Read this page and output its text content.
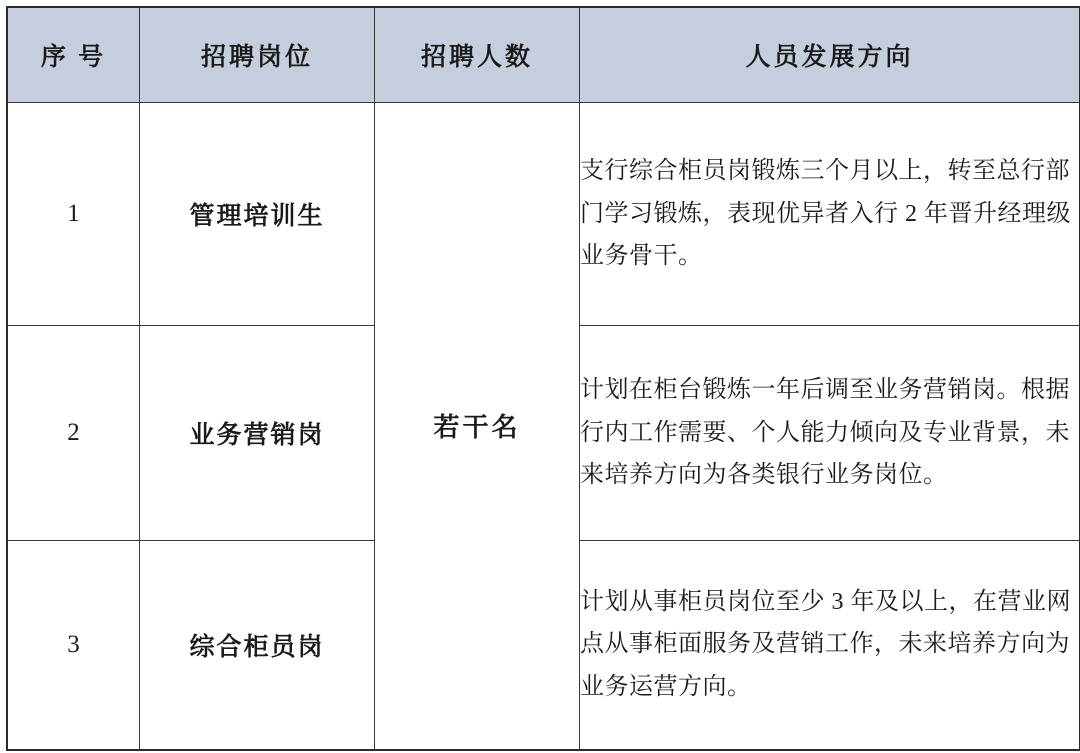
序 号	招聘岗位	招聘人数	人员发展方向
1	管理培训生	若干名	支行综合柜员岗锻炼三个月以上，转至总行部门学习锻炼，表现优异者入行 2 年晋升经理级业务骨干。
2	业务营销岗		计划在柜台锻炼一年后调至业务营销岗。根据行内工作需要、个人能力倾向及专业背景，未来培养方向为各类银行业务岗位。
3	综合柜员岗		计划从事柜员岗位至少 3 年及以上，在营业网点从事柜面服务及营销工作，未来培养方向为业务运营方向。
